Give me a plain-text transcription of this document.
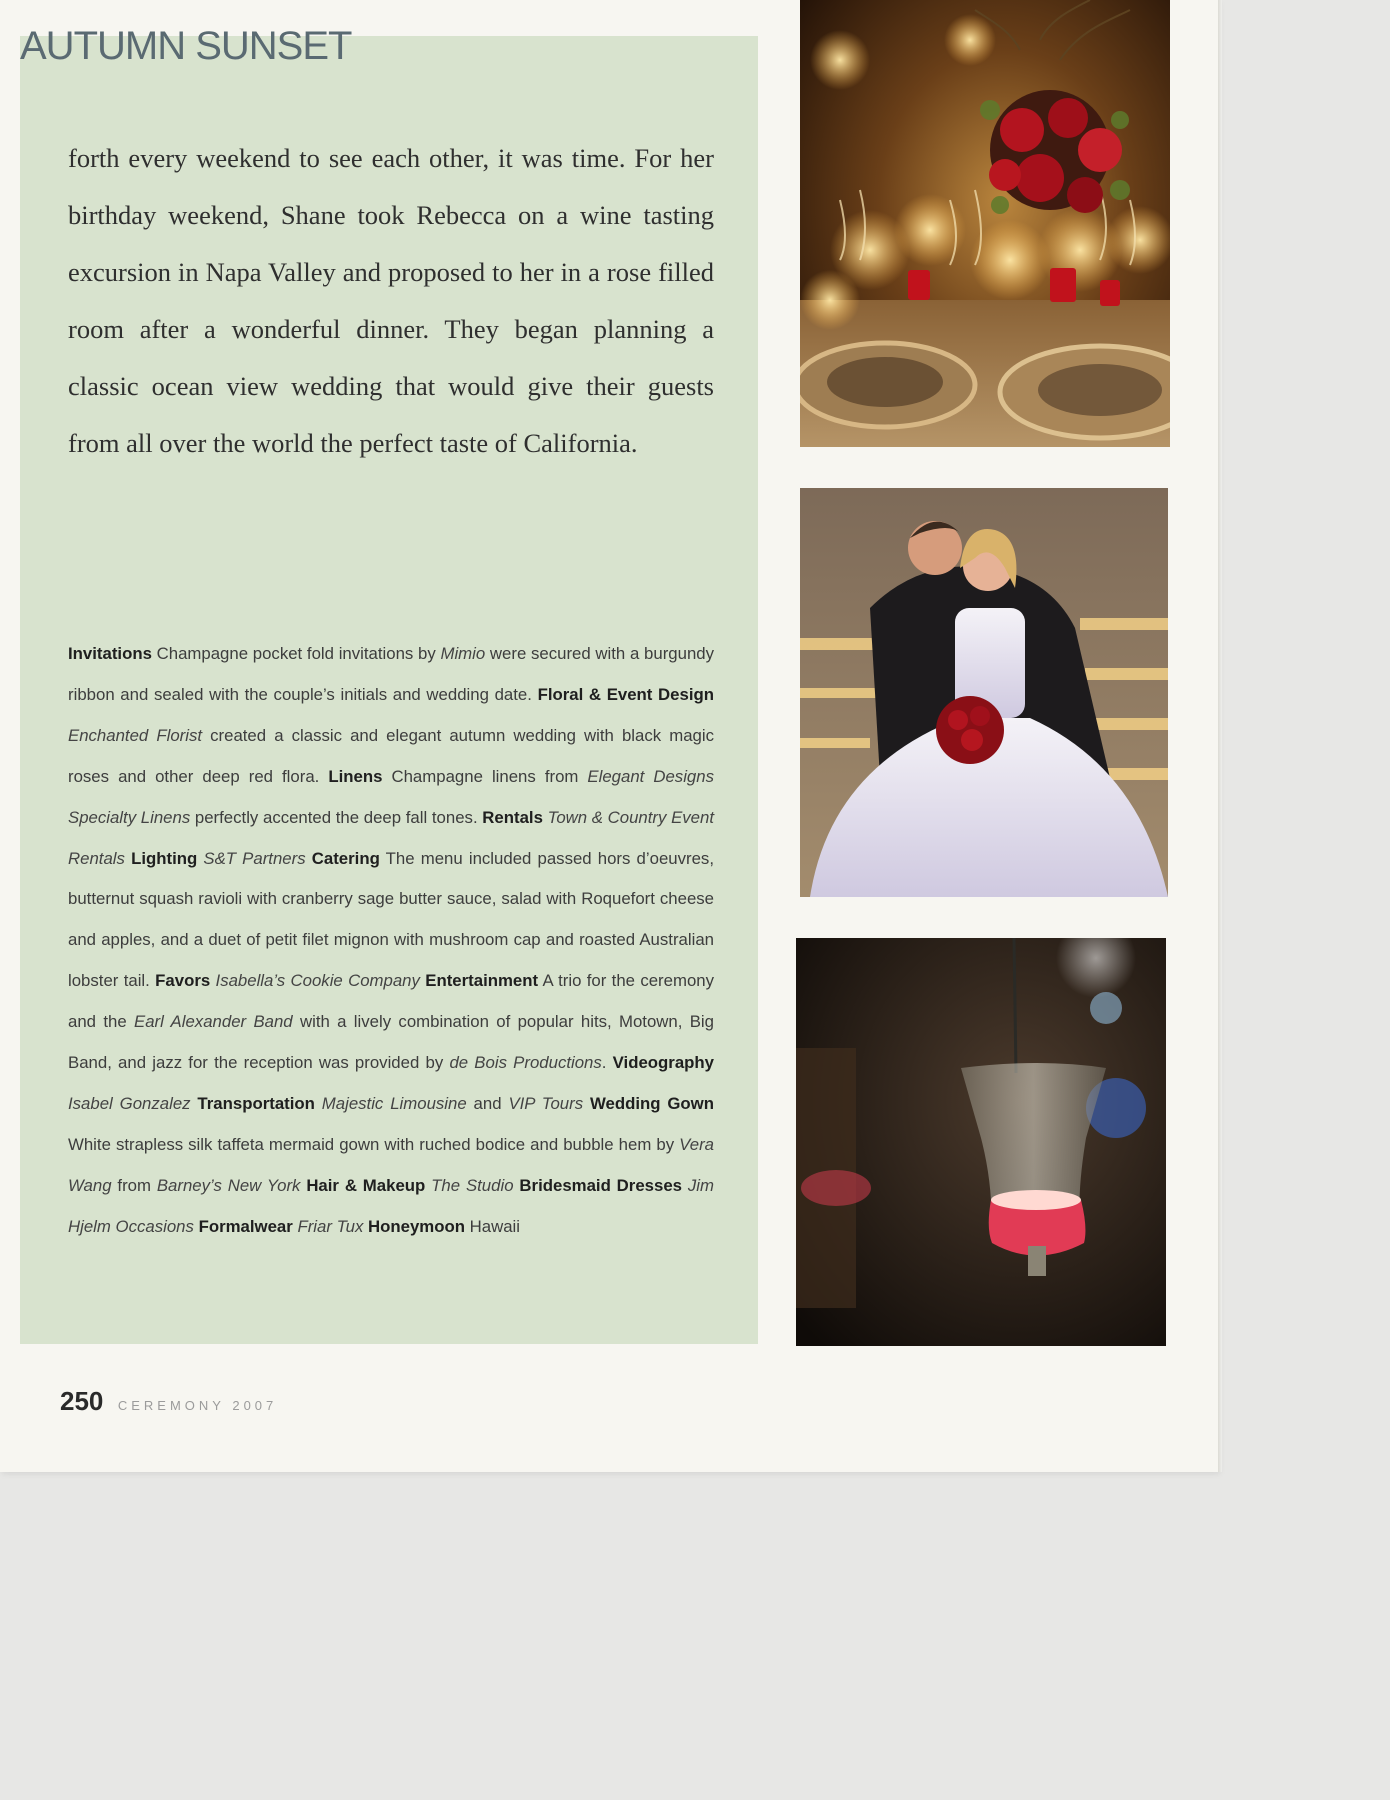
AUTUMN SUNSET

forth every weekend to see each other, it was time. For her birthday weekend, Shane took Rebecca on a wine tasting excursion in Napa Valley and proposed to her in a rose filled room after a wonderful dinner. They began planning a classic ocean view wedding that would give their guests from all over the world the perfect taste of California.

Invitations Champagne pocket fold invitations by Mimio were secured with a burgundy ribbon and sealed with the couple’s initials and wedding date. Floral & Event Design Enchanted Florist created a classic and elegant autumn wedding with black magic roses and other deep red flora. Linens Champagne linens from Elegant Designs Specialty Linens perfectly accented the deep fall tones. Rentals Town & Country Event Rentals Lighting S&T Partners Catering The menu included passed hors d’oeuvres, butternut squash ravioli with cranberry sage butter sauce, salad with Roquefort cheese and apples, and a duet of petit filet mignon with mushroom cap and roasted Australian lobster tail. Favors Isabella’s Cookie Company Entertainment A trio for the ceremony and the Earl Alexander Band with a lively combination of popular hits, Motown, Big Band, and jazz for the reception was provided by de Bois Productions. Videography Isabel Gonzalez Transportation Majestic Limousine and VIP Tours Wedding Gown White strapless silk taffeta mermaid gown with ruched bodice and bubble hem by Vera Wang from Barney’s New York Hair & Makeup The Studio Bridesmaid Dresses Jim Hjelm Occasions Formalwear Friar Tux Honeymoon Hawaii

250 CEREMONY 2007
